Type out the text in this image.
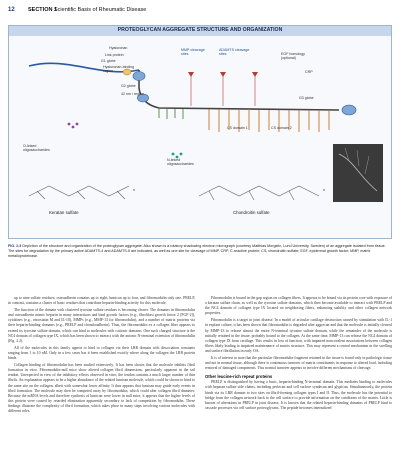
12 SECTION 1
Scientific Basis of Rheumatic Disease
PROTEOGLYCAN AGGREGATE STRUCTURE AND ORGANIZATION
Hyaluronan
Link protein
G1 globe
Hyaluronan-binding region
G2 globe
42 nm / region
MMP cleavage sites
ADAMTS cleavage sites	EGF homology (optional)
CRP
G3 globe
CS domain 1	CS domain 2
O-linked oligosaccharides
N-linked oligosaccharides
n	n
Keratan sulfate	Chondroitin sulfate
FIG. 2.3 Depiction of the structure and organization of the proteoglycan aggregate. Also shown is a rotatory shadowing electron micrograph (courtesy Matthias Morgelin, Lund University, Sweden) of an aggregate isolated from tissue. The sites for degradation by the primary active ADAMTS-4 and ADAMTS-5 are indicated, as well as one site for cleavage of MMP. CRP, C-reactive protein; CS, chondroitin sulfate; EGF, epidermal growth factor; MMP, matrix metalloproteinase.

up to nine sulfate residues; osteoadherin contains up to eight, lumican up to four, and fibromodulin only one. PRELP, in contrast, contains a cluster of basic residues that contribute heparin-binding activity for this molecule.

The function of the domain with clustered tyrosine sulfate residues is becoming clearer. The domains in fibromodulin and osteoadherin mimic heparin in many interactions and bind growth factors (e.g., fibroblast growth factor 2 [FGF-2]), cytokines (e.g., oncostatin M and IL-10), MMPs (e.g., MMP-13 for fibromodulin), and a number of matrix proteins via their heparin-binding domains (e.g., PRELP and chondroadherin). Thus, the fibromodulin ex a collagen fiber appears to extend its tyrosine sulfate domain, which can bind to molecules with cationic domains. One such charged structure is the NC4 domain of collagen type IX, which has been shown to interact with the anionic N-terminal extension of fibromodulin (Fig. 2.2).

All of the molecules in this family appear to bind to collagen via their LRR domain with dissociation constants ranging from 1 to 10 nM. Only in a few cases has it been established exactly where along the collagen the LRR protein binds.

Collagen binding of fibromodulin has been studied extensively. It has been shown that the molecule inhibits fibril formation in vitro. Fibromodulin-null mice show altered collagen fibril dimensions, particularly apparent in the tail tendon. Unexpected in view of the inhibitory effects observed in vitro, the tendon contains a much larger number of thin fibrils. An explanation appears to be a higher abundance of the related lumican molecule, which could be shown to bind to the same site on the collagen, albeit with somewhat lower affinity. It thus appears that lumican may guide early events in fibril formation. The molecule may then be competed away by fibromodulin, which could alter collagen fibril diameter. Because the mRNA levels and therefore synthesis of lumican were lower in null mice, it appears that the higher levels of this protein were caused by retarded elimination apparently secondary to lack of competition by fibromodulin. These findings illustrate the complexity of fibril formation, which takes place in many steps involving various molecules with different roles.

Fibromodulin is bound in the gap region on collagen fibers. It appears to be bound via its protein core with exposure of a keratan sulfate chain, as well as the tyrosine sulfate domains, which then become available to interact with PRELP and the NC4 domain of collagen type IX located on neighboring fibers, enhancing stability and other collagen network properties.

Fibromodulin is a target in joint disease. In a model of articular cartilage destruction caused by stimulation with IL-1 in explant culture, it has been shown that fibromodulin is degraded after aggrecan and that the molecule is initially cleaved by MMP-13 to release almost the entire N-terminal tyrosine sulfate domain, while the remainder of the molecule is initially retained in the tissue, probably bound to the collagen. At the same time, MMP-13 can release the NC4 domain of collagen type IX from cartilage. This results in loss of function, with impaired noncovalent associations between collagen fibers likely leading to impaired maintenance of matrix structure. This may represent a central mechanism in the swelling and surface fibrillation in early OA.

It is of interest to note that the particular fibromodulin fragment retained in the tissue is found only in pathologic tissue and not in normal tissue, although there is continuous turnover of matrix constituents in response to altered load, including removal of damaged components. This normal turnover appears to involve different mechanisms of cleavage.

Other leucine-rich repeat proteins

PRELP is distinguished by having a basic, heparin-binding N-terminal domain. This mediates binding to molecules with heparan sulfate side chains, including perlecan and cell surface syndecan and glypican. Simultaneously, the protein binds via its LRR domain to two sites on fibril-forming collagen types I and II. Thus, the molecule has the potential to bridge from the collagen network back to the cell surface to provide information on the conditions of the matrix. Little is known of alterations in PRELP in joint disease. It is known that the related heparin-binding domains of PRELP bind to cascade processes via cell surface proteoglycans. The peptide becomes internalized
